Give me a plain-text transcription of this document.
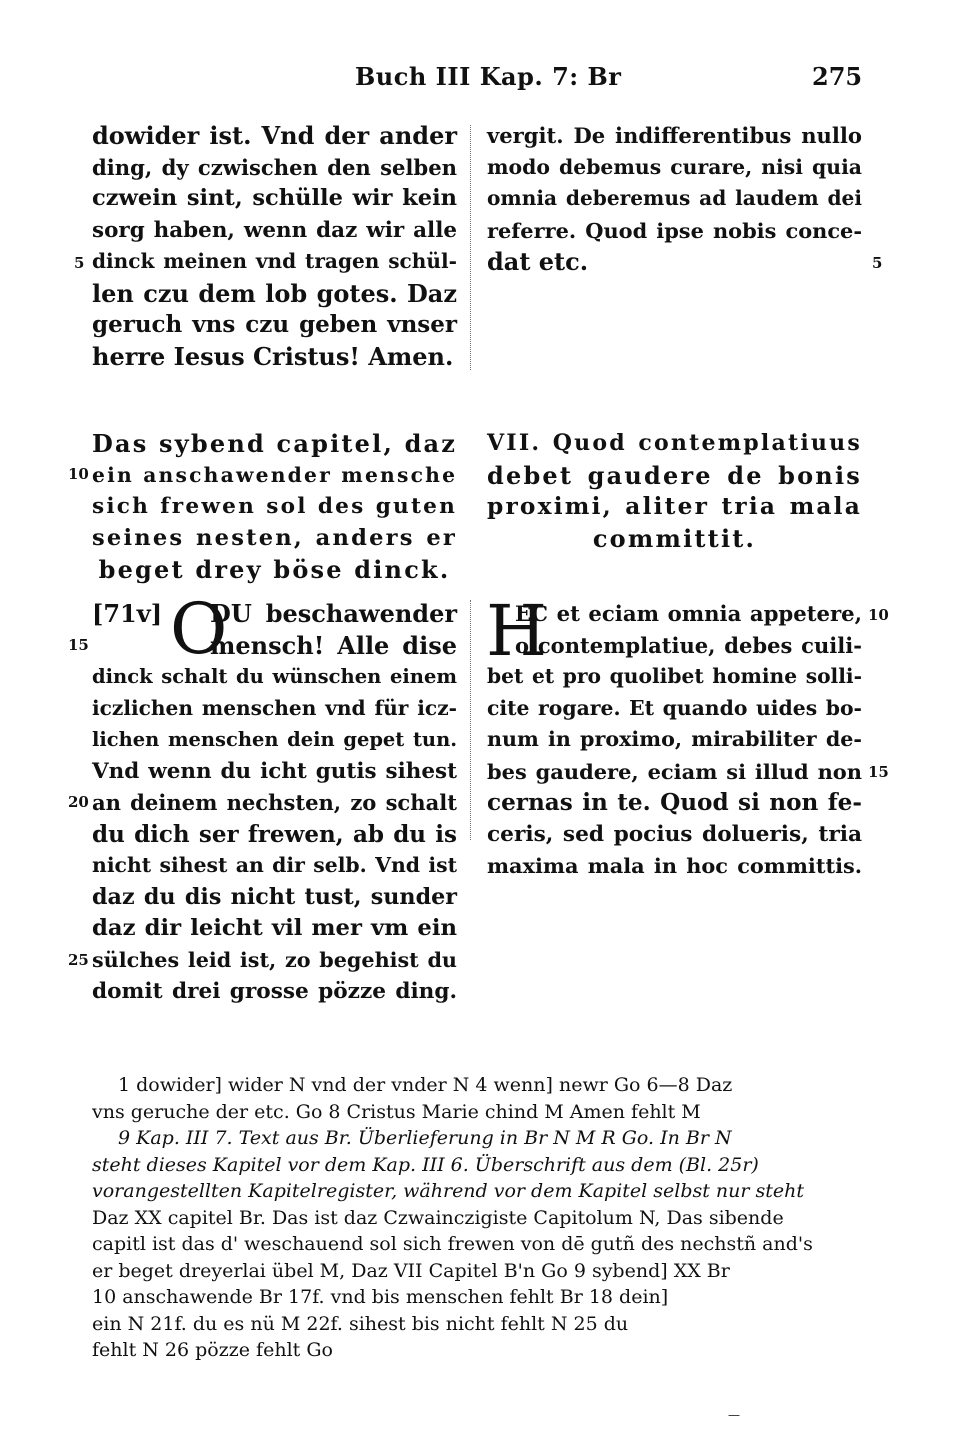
Buch III Kap. 7: Br	275
dowider ist. Vnd der ander
ding, dy czwischen den selben
czwein sint, schülle wir kein
sorg haben, wenn daz wir alle
dinck meinen vnd tragen schül-
len czu dem lob gotes. Daz
geruch vns czu geben vnser
herre Iesus Cristus! Amen.
5
vergit. De indifferentibus nullo
modo debemus curare, nisi quia
omnia deberemus ad laudem dei
referre. Quod ipse nobis conce-
dat etc.	5
Das sybend capitel, daz
ein anschawender mensche
sich frewen sol des guten
seines nesten, anders er
beget drey böse dinck.
10
VII. Quod contemplatiuus
debet gaudere de bonis
proximi, aliter tria mala
committit.
[71v] DU beschawender
mensch! Alle dise
dinck schalt du wünschen einem
iczlichen menschen vnd für icz-
lichen menschen dein gepet tun.
Vnd wenn du icht gutis sihest
an deinem nechsten, zo schalt
du dich ser frewen, ab du is
nicht sihest an dir selb. Vnd ist
daz du dis nicht tust, sunder
daz dir leicht vil mer vm ein
sülches leid ist, zo begehist du
domit drei grosse pözze ding.
O
15
20
25
EC et eciam omnia appetere,
o contemplatiue, debes cuili-
bet et pro quolibet homine solli-
cite rogare. Et quando uides bo-
num in proximo, mirabiliter de-
bes gaudere, eciam si illud non
cernas in te. Quod si non fe-
ceris, sed pocius dolueris, tria
maxima mala in hoc committis.
H	10
15
1 dowider] wider N vnd der vnder N 4 wenn] newr Go 6—8 Daz
vns geruche der etc. Go 8 Cristus Marie chind M Amen fehlt M
9 Kap. III 7. Text aus Br. Überlieferung in Br N M R Go. In Br N
steht dieses Kapitel vor dem Kap. III 6. Überschrift aus dem (Bl. 25r)
vorangestellten Kapitelregister, während vor dem Kapitel selbst nur steht
Daz XX capitel Br. Das ist daz Czwainczigiste Capitolum N, Das sibende
capitl ist das d' weschauend sol sich frewen von dē gutñ des nechstñ and's
er beget dreyerlai übel M, Daz VII Capitel B'n Go 9 sybend] XX Br
10 anschawende Br 17f. vnd bis menschen fehlt Br 18 dein]
ein N 21f. du es nü M 22f. sihest bis nicht fehlt N 25 du
fehlt N 26 pözze fehlt Go
—
